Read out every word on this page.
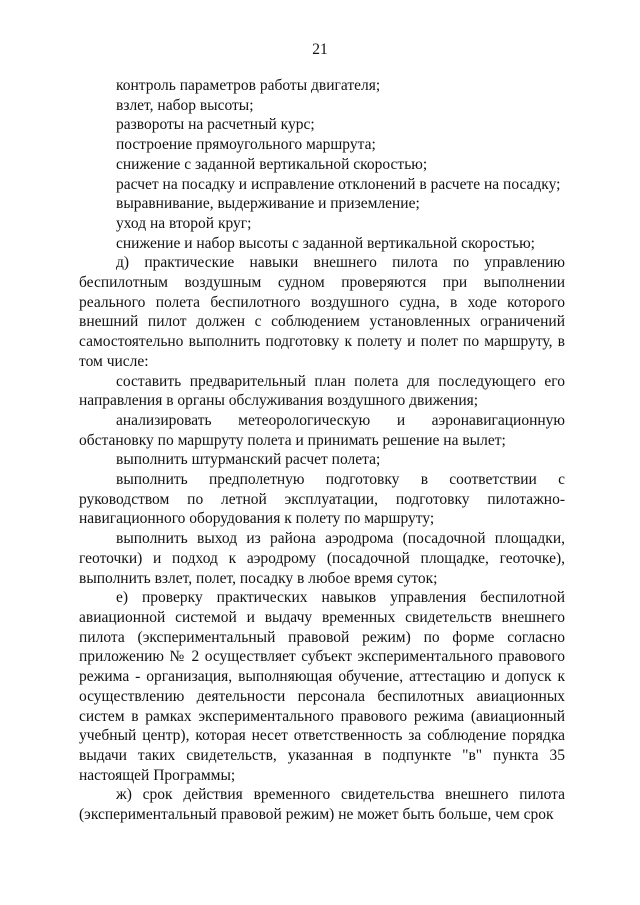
21

контроль параметров работы двигателя;

взлет, набор высоты;

развороты на расчетный курс;

построение прямоугольного маршрута;

снижение с заданной вертикальной скоростью;

расчет на посадку и исправление отклонений в расчете на посадку;

выравнивание, выдерживание и приземление;

уход на второй круг;

снижение и набор высоты с заданной вертикальной скоростью;

д) практические навыки внешнего пилота по управлению беспилотным воздушным судном проверяются при выполнении реального полета беспилотного воздушного судна, в ходе которого внешний пилот должен с соблюдением установленных ограничений самостоятельно выполнить подготовку к полету и полет по маршруту, в том числе:

составить предварительный план полета для последующего его направления в органы обслуживания воздушного движения;

анализировать метеорологическую и аэронавигационную обстановку по маршруту полета и принимать решение на вылет;

выполнить штурманский расчет полета;

выполнить предполетную подготовку в соответствии с руководством по летной эксплуатации, подготовку пилотажно-навигационного оборудования к полету по маршруту;

выполнить выход из района аэродрома (посадочной площадки, геоточки) и подход к аэродрому (посадочной площадке, геоточке), выполнить взлет, полет, посадку в любое время суток;

е) проверку практических навыков управления беспилотной авиационной системой и выдачу временных свидетельств внешнего пилота (экспериментальный правовой режим) по форме согласно приложению № 2 осуществляет субъект экспериментального правового режима - организация, выполняющая обучение, аттестацию и допуск к осуществлению деятельности персонала беспилотных авиационных систем в рамках экспериментального правового режима (авиационный учебный центр), которая несет ответственность за соблюдение порядка выдачи таких свидетельств, указанная в подпункте "в" пункта 35 настоящей Программы;

ж) срок действия временного свидетельства внешнего пилота (экспериментальный правовой режим) не может быть больше, чем срок
